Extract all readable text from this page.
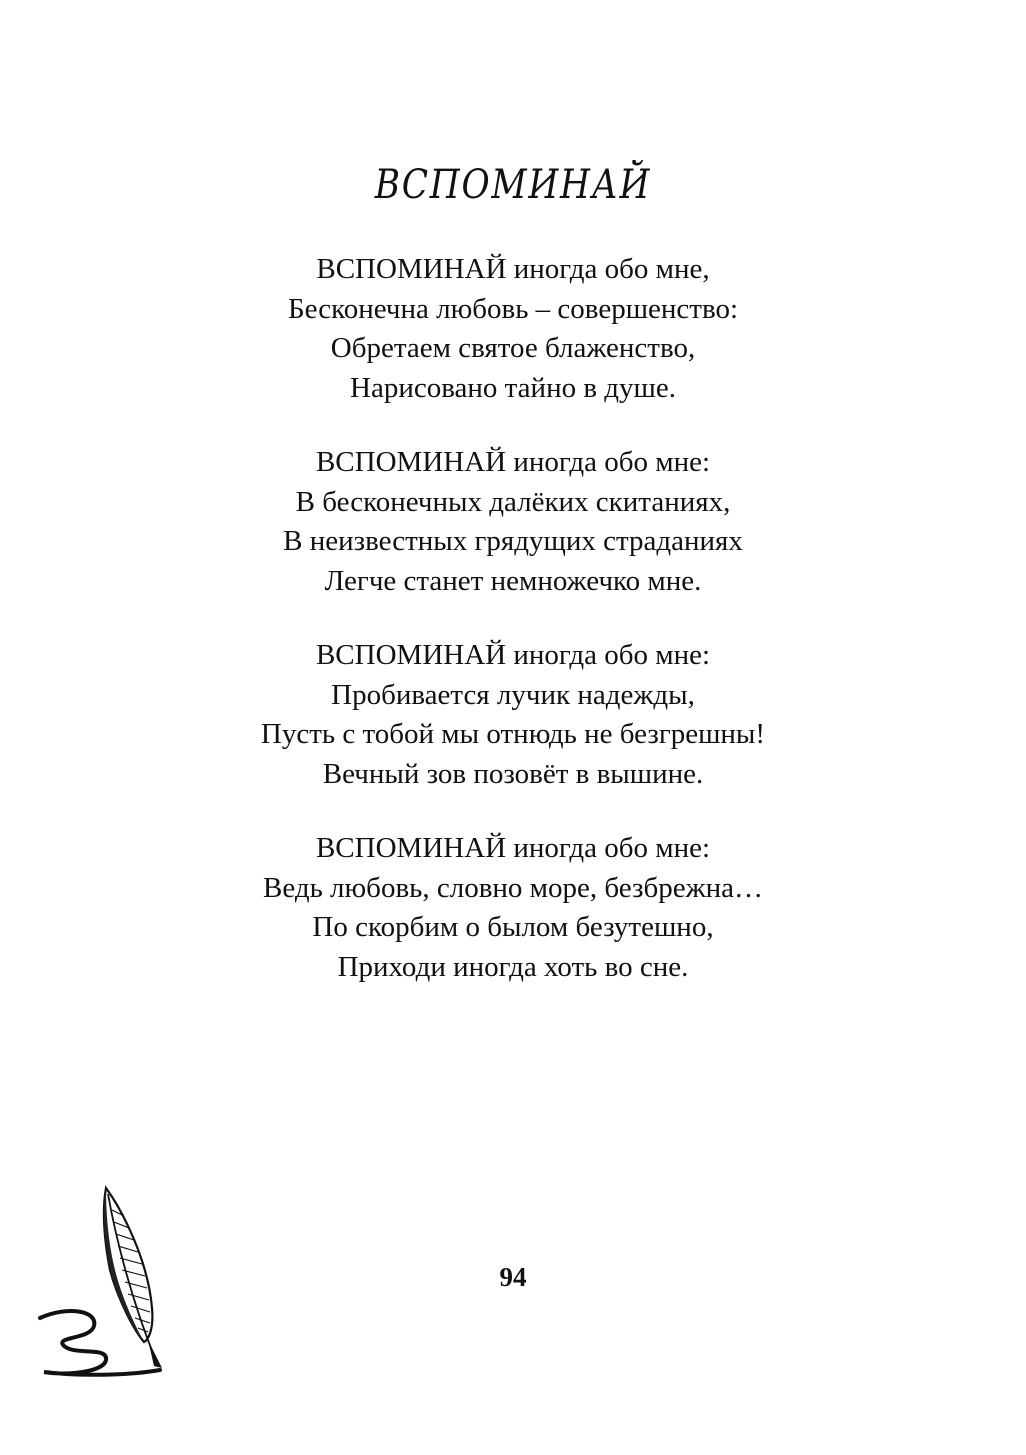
ВСПОМИНАЙ
ВСПОМИНАЙ иногда обо мне,
Бесконечна любовь – совершенство:
Обретаем святое блаженство,
Нарисовано тайно в душе.
ВСПОМИНАЙ иногда обо мне:
В бесконечных далёких скитаниях,
В неизвестных грядущих страданиях
Легче станет немножечко мне.
ВСПОМИНАЙ иногда обо мне:
Пробивается лучик надежды,
Пусть с тобой мы отнюдь не безгрешны!
Вечный зов позовёт в вышине.
ВСПОМИНАЙ иногда обо мне:
Ведь любовь, словно море, безбрежна…
По скорбим о былом безутешно,
Приходи иногда хоть во сне.
94
